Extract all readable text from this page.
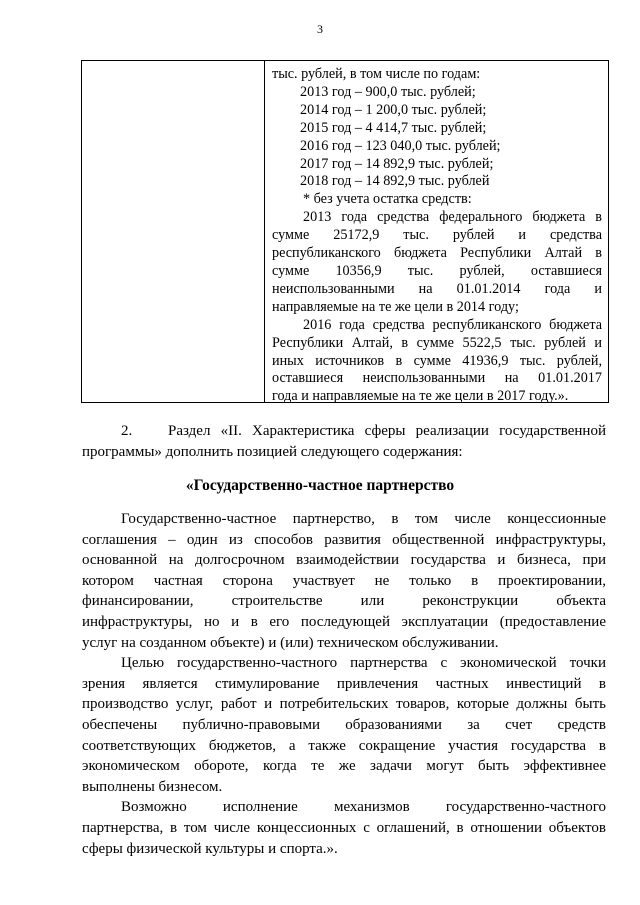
3
тыс. рублей, в том числе по годам:
2013 год – 900,0 тыс. рублей;
2014 год – 1 200,0 тыс. рублей;
2015 год – 4 414,7 тыс. рублей;
2016 год – 123 040,0 тыс. рублей;
2017 год – 14 892,9 тыс. рублей;
2018 год – 14 892,9 тыс. рублей
* без учета остатка средств:
2013 года средства федерального бюджета в
сумме 25172,9 тыс. рублей и средства
республиканского бюджета Республики Алтай в
сумме 10356,9 тыс. рублей, оставшиеся
неиспользованными на 01.01.2014 года и
направляемые на те же цели в 2014 году;
2016 года средства республиканского бюджета
Республики Алтай, в сумме 5522,5 тыс. рублей и
иных источников в сумме 41936,9 тыс. рублей,
оставшиеся неиспользованными на 01.01.2017
года и направляемые на те же цели в 2017 году.».
2.	Раздел «II. Характеристика сферы реализации государственной
программы» дополнить позицией следующего содержания:
«Государственно-частное партнерство
Государственно-частное партнерство, в том числе концессионные
соглашения – один из способов развития общественной инфраструктуры,
основанной на долгосрочном взаимодействии государства и бизнеса, при
котором частная сторона участвует не только в проектировании,
финансировании, строительстве или реконструкции объекта
инфраструктуры, но и в его последующей эксплуатации (предоставление
услуг на созданном объекте) и (или) техническом обслуживании.
Целью государственно-частного партнерства с экономической точки
зрения является стимулирование привлечения частных инвестиций в
производство услуг, работ и потребительских товаров, которые должны быть
обеспечены публично-правовыми образованиями за счет средств
соответствующих бюджетов, а также сокращение участия государства в
экономическом обороте, когда те же задачи могут быть эффективнее
выполнены бизнесом.
Возможно исполнение механизмов государственно-частного
партнерства, в том числе концессионных с оглашений, в отношении объектов
сферы физической культуры и спорта.».
